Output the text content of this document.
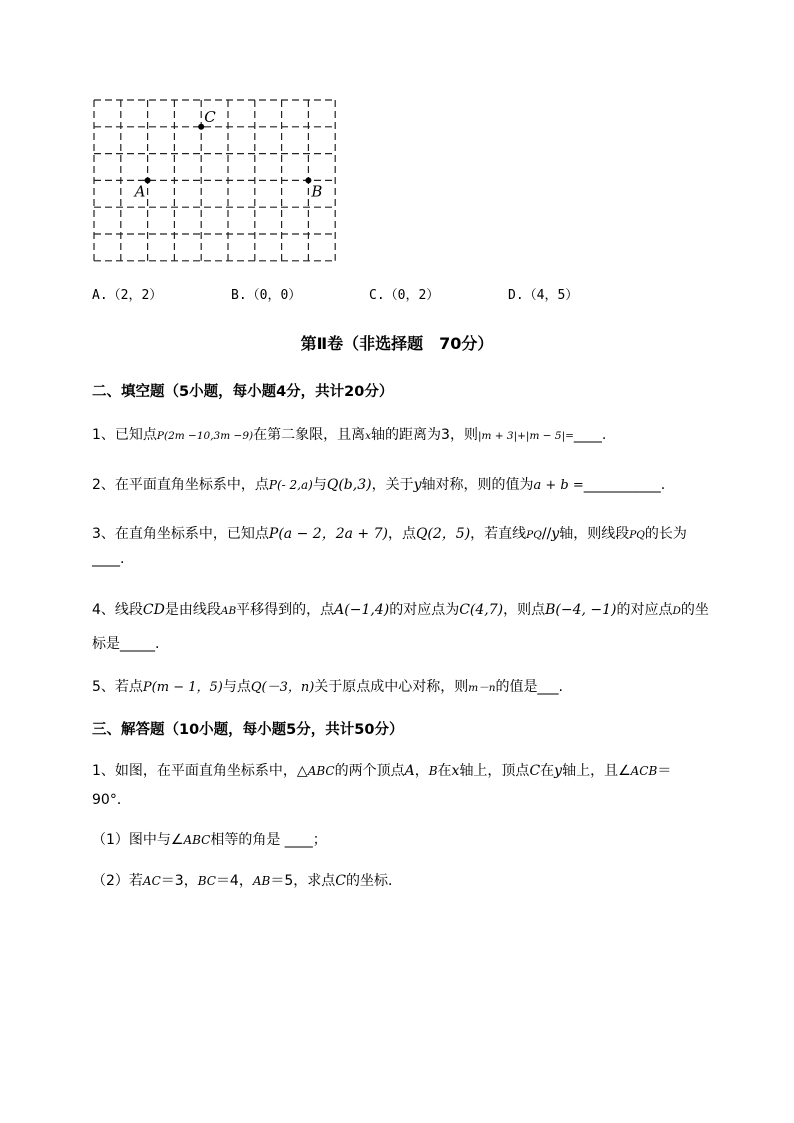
C
A	B
A.（2，2）	B.（0，0）	C.（0，2）	D.（4，5）
第Ⅱ卷（非选择题　70分）
二、填空题（5小题，每小题4分，共计20分）
1、已知点P(2m −10,3m −9)在第二象限，且离x轴的距离为3，则|m + 3|+|m − 5|=____.
2、在平面直角坐标系中，点P(- 2,a)与Q(b,3)，关于y轴对称，则的值为a + b =___________.
3、在直角坐标系中，已知点P(a − 2，2a + 7)，点Q(2，5)，若直线PQ//y轴，则线段PQ的长为
____.
4、线段CD是由线段AB平移得到的，点A(−1,4)的对应点为C(4,7)，则点B(−4, −1)的对应点D的坐
标是_____.
5、若点P(m − 1，5)与点Q(－3，n)关于原点成中心对称，则m－n的值是___.
三、解答题（10小题，每小题5分，共计50分）
1、如图，在平面直角坐标系中，△ABC的两个顶点A，B在x轴上，顶点C在y轴上，且∠ACB＝
90°．
（1）图中与∠ABC相等的角是 ____；
（2）若AC＝3，BC＝4，AB＝5，求点C的坐标．
